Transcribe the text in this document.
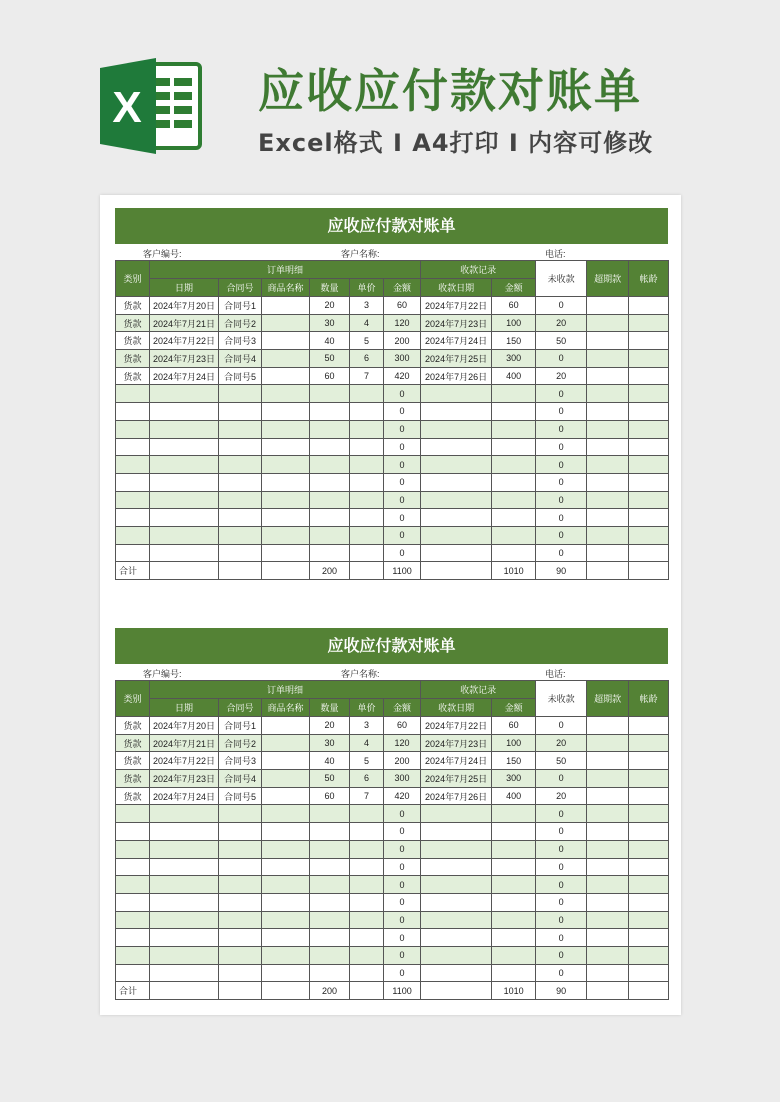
X	应收应付款对账单
Excel格式 I A4打印 I 内容可修改
应收应付款对账单
客户编号:	客户名称:	电话:
类别	订单明细						收款记录		未收款	超期款	帐龄
	日期	合同号	商品名称	数量	单价	金额	收款日期	金额			
货款	2024年7月20日	合同号1		20	3	60	2024年7月22日	60	0		
货款	2024年7月21日	合同号2		30	4	120	2024年7月23日	100	20		
货款	2024年7月22日	合同号3		40	5	200	2024年7月24日	150	50		
货款	2024年7月23日	合同号4		50	6	300	2024年7月25日	300	0		
货款	2024年7月24日	合同号5		60	7	420	2024年7月26日	400	20		
						0			0		
						0			0		
						0			0		
						0			0		
						0			0		
						0			0		
						0			0		
						0			0		
						0			0		
						0			0		
合计				200		1100		1010	90		
应收应付款对账单
客户编号:	客户名称:	电话:
类别	订单明细						收款记录		未收款	超期款	帐龄
	日期	合同号	商品名称	数量	单价	金额	收款日期	金额			
货款	2024年7月20日	合同号1		20	3	60	2024年7月22日	60	0		
货款	2024年7月21日	合同号2		30	4	120	2024年7月23日	100	20		
货款	2024年7月22日	合同号3		40	5	200	2024年7月24日	150	50		
货款	2024年7月23日	合同号4		50	6	300	2024年7月25日	300	0		
货款	2024年7月24日	合同号5		60	7	420	2024年7月26日	400	20		
						0			0		
						0			0		
						0			0		
						0			0		
						0			0		
						0			0		
						0			0		
						0			0		
						0			0		
						0			0		
合计				200		1100		1010	90		
